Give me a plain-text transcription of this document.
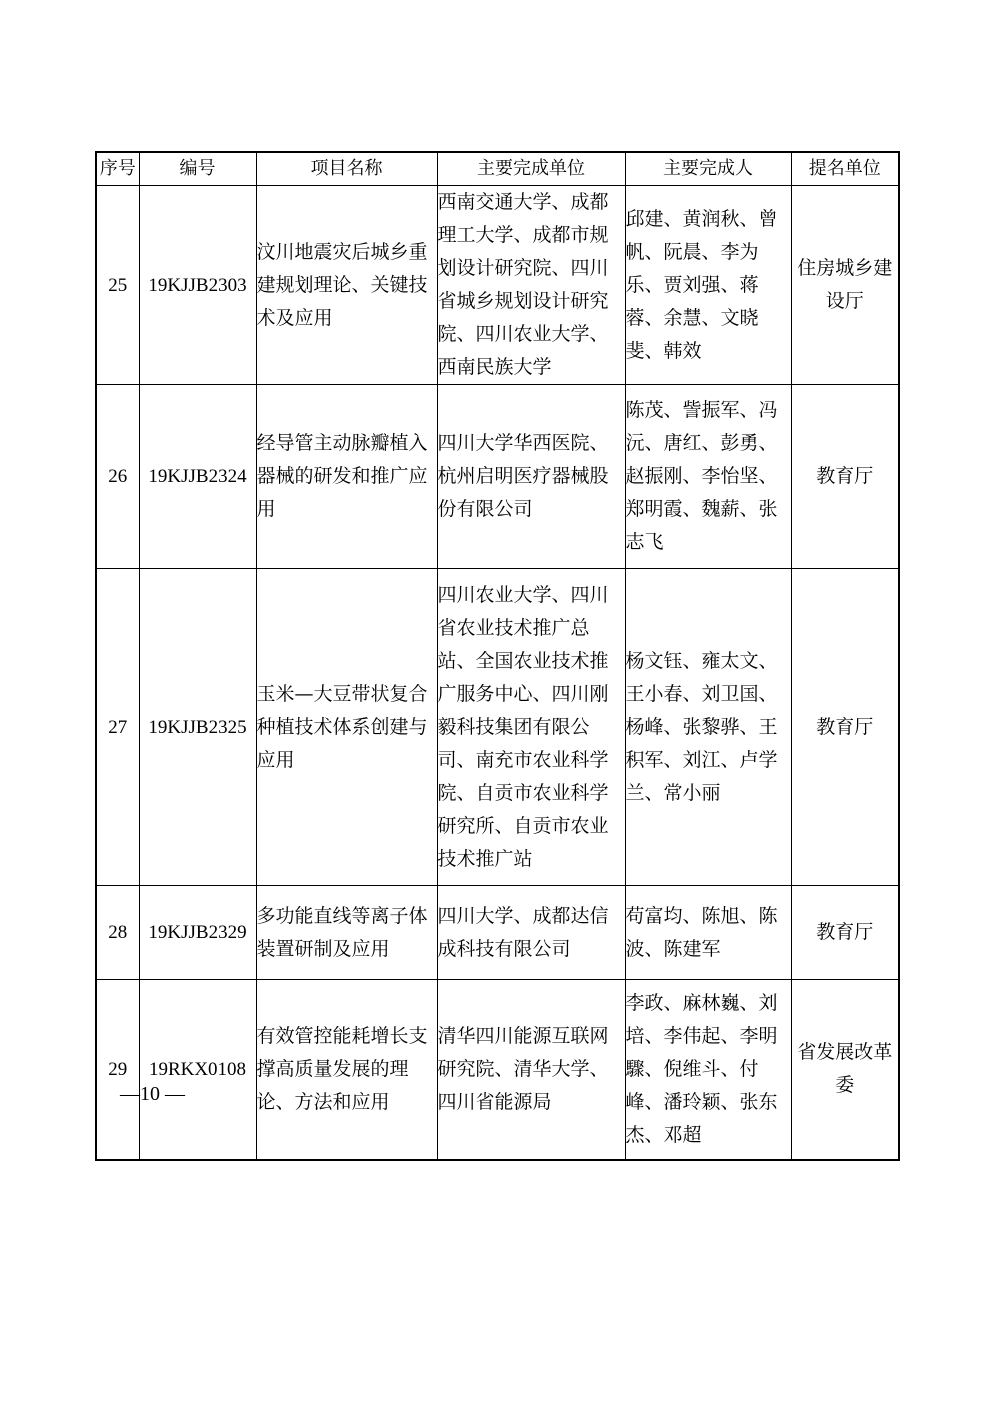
序号	编号	项目名称	主要完成单位	主要完成人	提名单位
25	19KJJB2303	汶川地震灾后城乡重建规划理论、关键技术及应用	西南交通大学、成都理工大学、成都市规划设计研究院、四川省城乡规划设计研究院、四川农业大学、西南民族大学	邱建、黄润秋、曾帆、阮晨、李为乐、贾刘强、蒋蓉、余慧、文晓斐、韩效	住房城乡建设厅
26	19KJJB2324	经导管主动脉瓣植入器械的研发和推广应用	四川大学华西医院、杭州启明医疗器械股份有限公司	陈茂、訾振军、冯沅、唐红、彭勇、赵振刚、李怡坚、郑明霞、魏薪、张志飞	教育厅
27	19KJJB2325	玉米—大豆带状复合种植技术体系创建与应用	四川农业大学、四川省农业技术推广总站、全国农业技术推广服务中心、四川刚毅科技集团有限公司、南充市农业科学院、自贡市农业科学研究所、自贡市农业技术推广站	杨文钰、雍太文、王小春、刘卫国、杨峰、张黎骅、王积军、刘江、卢学兰、常小丽	教育厅
28	19KJJB2329	多功能直线等离子体装置研制及应用	四川大学、成都达信成科技有限公司	苟富均、陈旭、陈波、陈建军	教育厅
29	19RKX0108	有效管控能耗增长支撑高质量发展的理论、方法和应用	清华四川能源互联网研究院、清华大学、四川省能源局	李政、麻林巍、刘培、李伟起、李明驟、倪维斗、付峰、潘玲颖、张东杰、邓超	省发展改革委
—10 —
